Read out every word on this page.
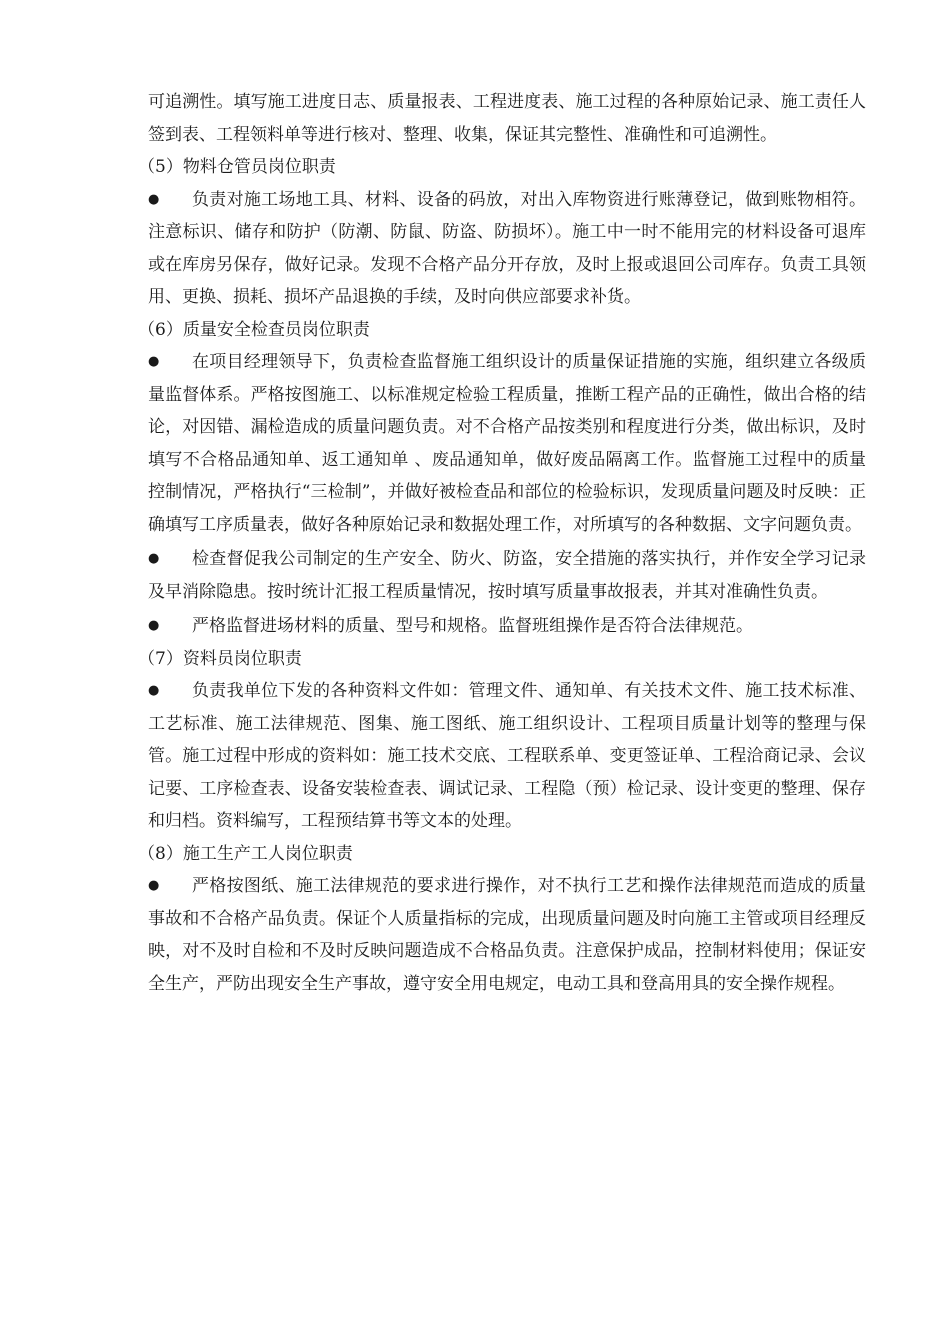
可追溯性。填写施工进度日志、质量报表、工程进度表、施工过程的各种原始记录、施工责任人签到表、工程领料单等进行核对、整理、收集，保证其完整性、准确性和可追溯性。

（5）物料仓管员岗位职责

● 负责对施工场地工具、材料、设备的码放，对出入库物资进行账薄登记，做到账物相符。注意标识、储存和防护（防潮、防鼠、防盗、防损坏）。施工中一时不能用完的材料设备可退库或在库房另保存，做好记录。发现不合格产品分开存放，及时上报或退回公司库存。负责工具领用、更换、损耗、损坏产品退换的手续，及时向供应部要求补货。

（6）质量安全检查员岗位职责

● 在项目经理领导下，负责检查监督施工组织设计的质量保证措施的实施，组织建立各级质量监督体系。严格按图施工、以标准规定检验工程质量，推断工程产品的正确性，做出合格的结论，对因错、漏检造成的质量问题负责。对不合格产品按类别和程度进行分类，做出标识，及时填写不合格品通知单、返工通知单 、废品通知单，做好废品隔离工作。监督施工过程中的质量控制情况，严格执行“三检制”，并做好被检查品和部位的检验标识，发现质量问题及时反映：正确填写工序质量表，做好各种原始记录和数据处理工作，对所填写的各种数据、文字问题负责。

● 检查督促我公司制定的生产安全、防火、防盗，安全措施的落实执行，并作安全学习记录及早消除隐患。按时统计汇报工程质量情况，按时填写质量事故报表，并其对准确性负责。

● 严格监督进场材料的质量、型号和规格。监督班组操作是否符合法律规范。

（7）资料员岗位职责

● 负责我单位下发的各种资料文件如：管理文件、通知单、有关技术文件、施工技术标准、工艺标准、施工法律规范、图集、施工图纸、施工组织设计、工程项目质量计划等的整理与保管。施工过程中形成的资料如：施工技术交底、工程联系单、变更签证单、工程洽商记录、会议记要、工序检查表、设备安装检查表、调试记录、工程隐（预）检记录、设计变更的整理、保存和归档。资料编写，工程预结算书等文本的处理。

（8）施工生产工人岗位职责

● 严格按图纸、施工法律规范的要求进行操作，对不执行工艺和操作法律规范而造成的质量事故和不合格产品负责。保证个人质量指标的完成，出现质量问题及时向施工主管或项目经理反映，对不及时自检和不及时反映问题造成不合格品负责。注意保护成品，控制材料使用；保证安全生产，严防出现安全生产事故，遵守安全用电规定，电动工具和登高用具的安全操作规程。
